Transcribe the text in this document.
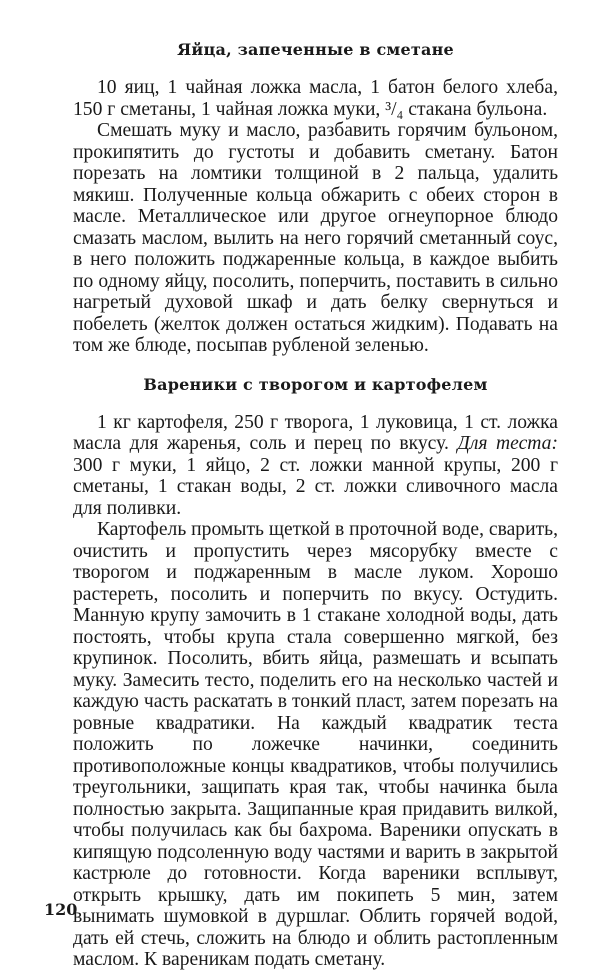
Яйца, запеченные в сметане

10 яиц, 1 чайная ложка масла, 1 батон белого хлеба, 150 г сметаны, 1 чайная ложка муки, ³/₄ стакана бульона.

Смешать муку и масло, разбавить горячим бульоном, прокипятить до густоты и добавить сметану. Батон порезать на ломтики толщиной в 2 пальца, удалить мякиш. Полученные кольца обжарить с обеих сторон в масле. Металлическое или другое огнеупорное блюдо смазать маслом, вылить на него горячий сметанный соус, в него положить поджаренные кольца, в каждое выбить по одному яйцу, посолить, поперчить, поставить в сильно нагретый духовой шкаф и дать белку свернуться и побелеть (желток должен остаться жидким). Подавать на том же блюде, посыпав рубленой зеленью.

Вареники с творогом и картофелем

1 кг картофеля, 250 г творога, 1 луковица, 1 ст. ложка масла для жаренья, соль и перец по вкусу. Для теста: 300 г муки, 1 яйцо, 2 ст. ложки манной крупы, 200 г сметаны, 1 стакан воды, 2 ст. ложки сливочного масла для поливки.

Картофель промыть щеткой в проточной воде, сварить, очистить и пропустить через мясорубку вместе с творогом и поджаренным в масле луком. Хорошо растереть, посолить и поперчить по вкусу. Остудить. Манную крупу замочить в 1 стакане холодной воды, дать постоять, чтобы крупа стала совершенно мягкой, без крупинок. Посолить, вбить яйца, размешать и всыпать муку. Замесить тесто, поделить его на несколько частей и каждую часть раскатать в тонкий пласт, затем порезать на ровные квадратики. На каждый квадратик теста положить по ложечке начинки, соединить противоположные концы квадратиков, чтобы получились треугольники, защипать края так, чтобы начинка была полностью закрыта. Защипанные края придавить вилкой, чтобы получилась как бы бахрома. Вареники опускать в кипящую подсоленную воду частями и варить в закрытой кастрюле до готовности. Когда вареники всплывут, открыть крышку, дать им покипеть 5 мин, затем вынимать шумовкой в дуршлаг. Облить горячей водой, дать ей стечь, сложить на блюдо и облить растопленным маслом. К вареникам подать сметану.

120
